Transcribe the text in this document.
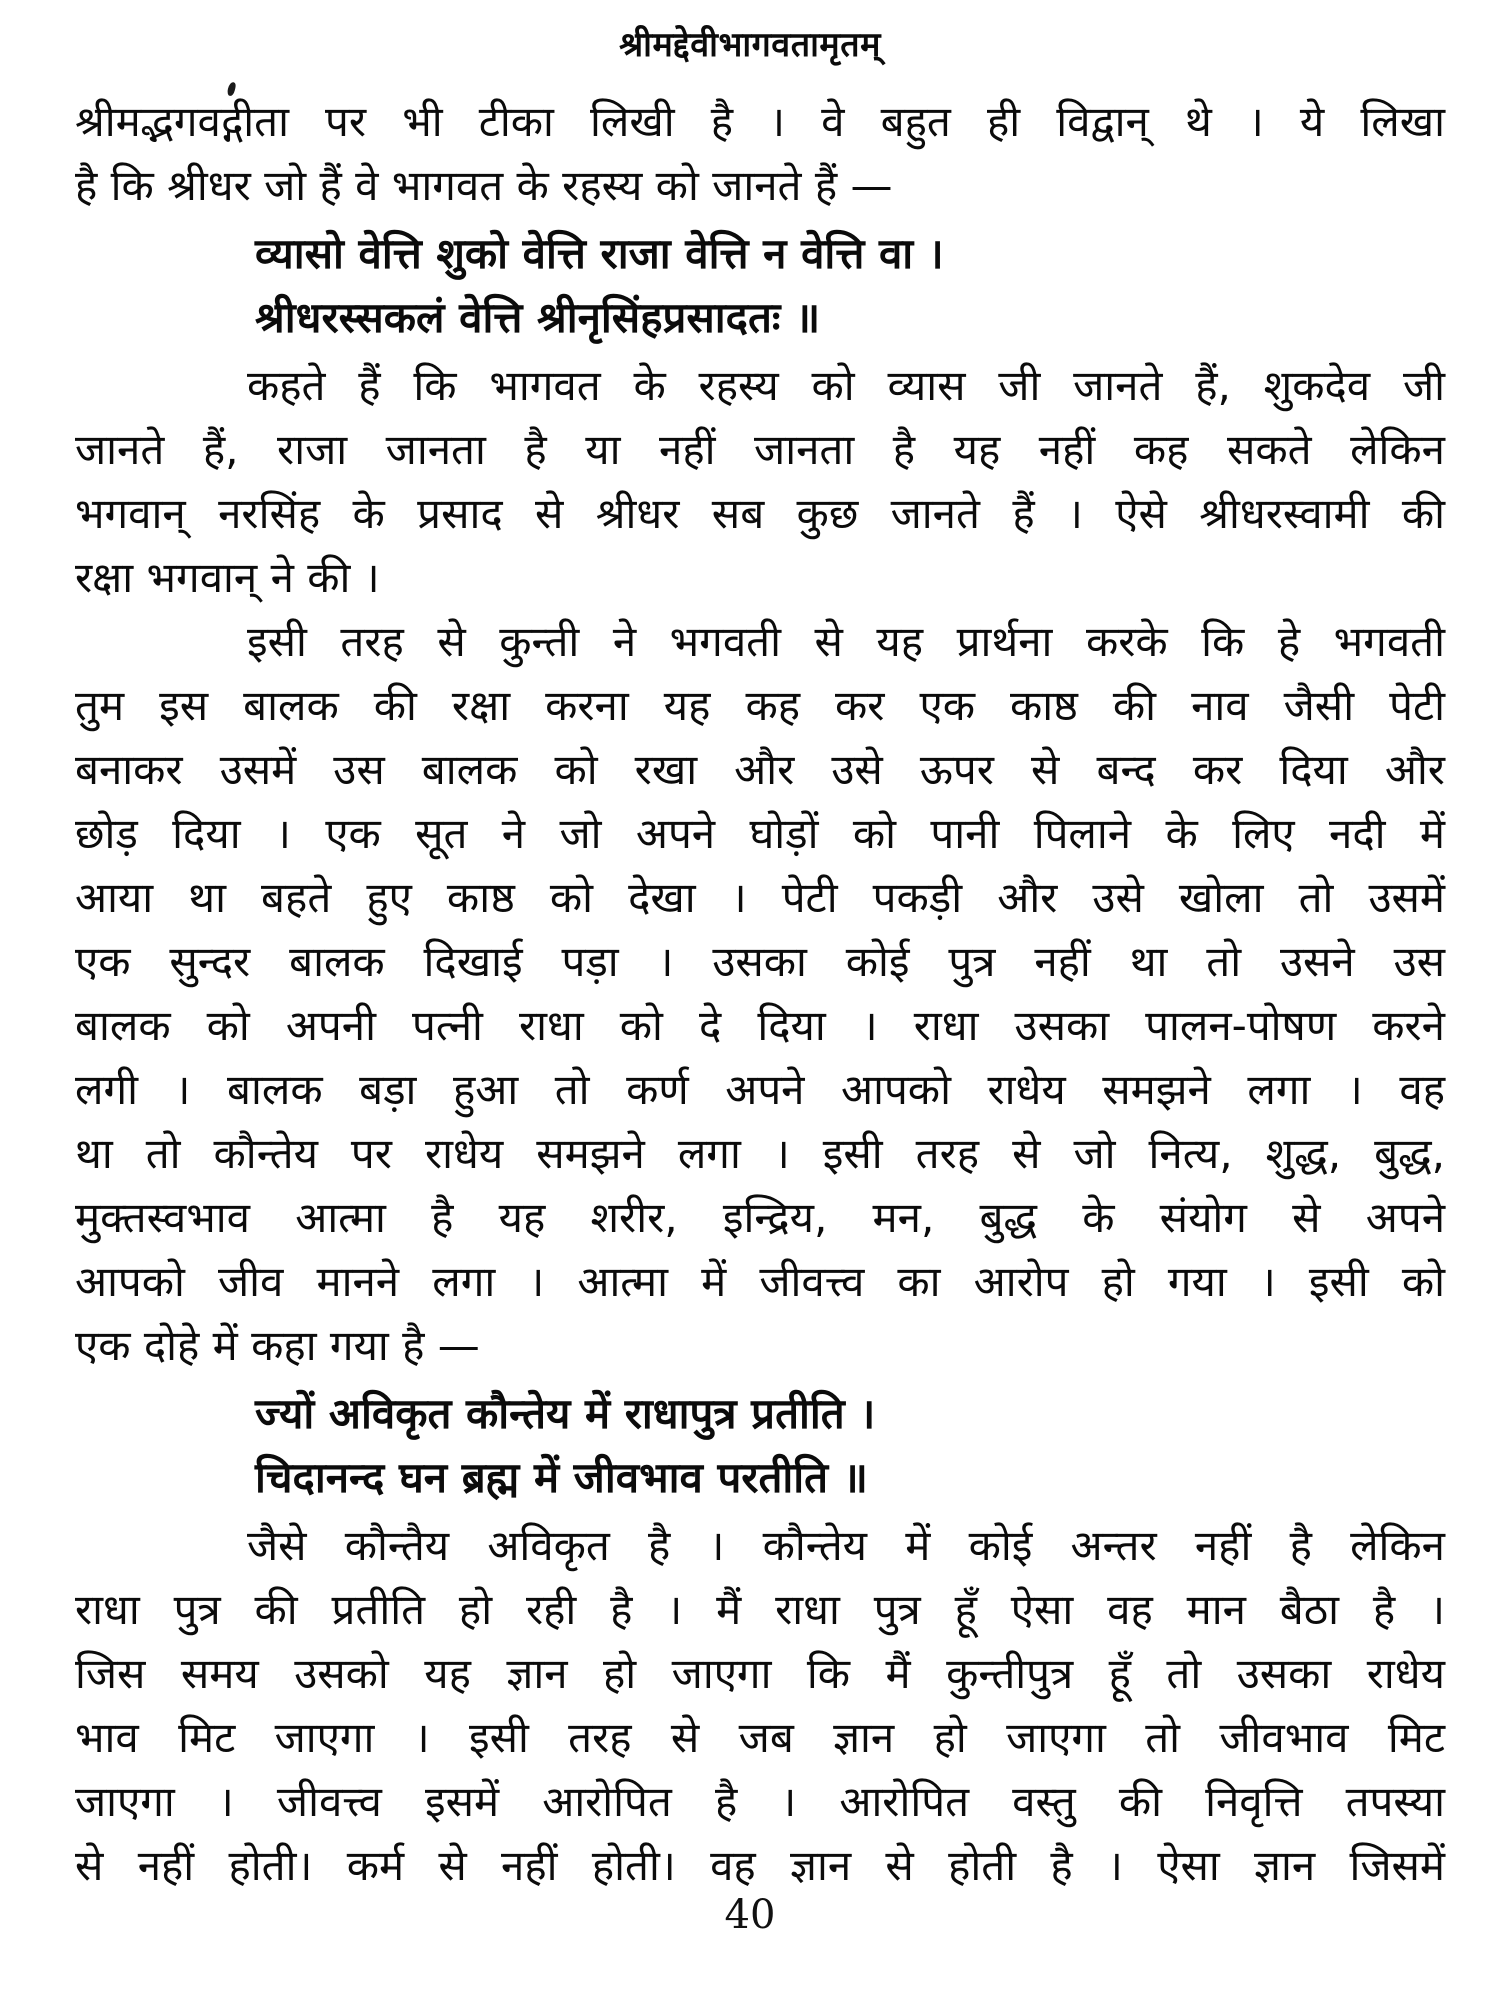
श्रीमद्देवीभागवतामृतम्
श्रीमद्भगवद्गीता पर भी टीका लिखी है । वे बहुत ही विद्वान् थे । ये लिखा
है कि श्रीधर जो हैं वे भागवत के रहस्य को जानते हैं —
व्यासो वेत्ति शुको वेत्ति राजा वेत्ति न वेत्ति वा ।
श्रीधरस्सकलं वेत्ति श्रीनृसिंहप्रसादतः ॥
कहते हैं कि भागवत के रहस्य को व्यास जी जानते हैं, शुकदेव जी
जानते हैं, राजा जानता है या नहीं जानता है यह नहीं कह सकते लेकिन
भगवान् नरसिंह के प्रसाद से श्रीधर सब कुछ जानते हैं । ऐसे श्रीधरस्वामी की
रक्षा भगवान् ने की ।
इसी तरह से कुन्ती ने भगवती से यह प्रार्थना करके कि हे भगवती
तुम इस बालक की रक्षा करना यह कह कर एक काष्ठ की नाव जैसी पेटी
बनाकर उसमें उस बालक को रखा और उसे ऊपर से बन्द कर दिया और
छोड़ दिया । एक सूत ने जो अपने घोड़ों को पानी पिलाने के लिए नदी में
आया था बहते हुए काष्ठ को देखा । पेटी पकड़ी और उसे खोला तो उसमें
एक सुन्दर बालक दिखाई पड़ा । उसका कोई पुत्र नहीं था तो उसने उस
बालक को अपनी पत्नी राधा को दे दिया । राधा उसका पालन-पोषण करने
लगी । बालक बड़ा हुआ तो कर्ण अपने आपको राधेय समझने लगा । वह
था तो कौन्तेय पर राधेय समझने लगा । इसी तरह से जो नित्य, शुद्ध, बुद्ध,
मुक्तस्वभाव आत्मा है यह शरीर, इन्द्रिय, मन, बुद्ध के संयोग से अपने
आपको जीव मानने लगा । आत्मा में जीवत्त्व का आरोप हो गया । इसी को
एक दोहे में कहा गया है —
ज्यों अविकृत कौन्तेय में राधापुत्र प्रतीति ।
चिदानन्द घन ब्रह्म में जीवभाव परतीति ॥
जैसे कौन्तैय अविकृत है । कौन्तेय में कोई अन्तर नहीं है लेकिन
राधा पुत्र की प्रतीति हो रही है । मैं राधा पुत्र हूँ ऐसा वह मान बैठा है ।
जिस समय उसको यह ज्ञान हो जाएगा कि मैं कुन्तीपुत्र हूँ तो उसका राधेय
भाव मिट जाएगा । इसी तरह से जब ज्ञान हो जाएगा तो जीवभाव मिट
जाएगा । जीवत्त्व इसमें आरोपित है । आरोपित वस्तु की निवृत्ति तपस्या
से नहीं होती। कर्म से नहीं होती। वह ज्ञान से होती है । ऐसा ज्ञान जिसमें
40
